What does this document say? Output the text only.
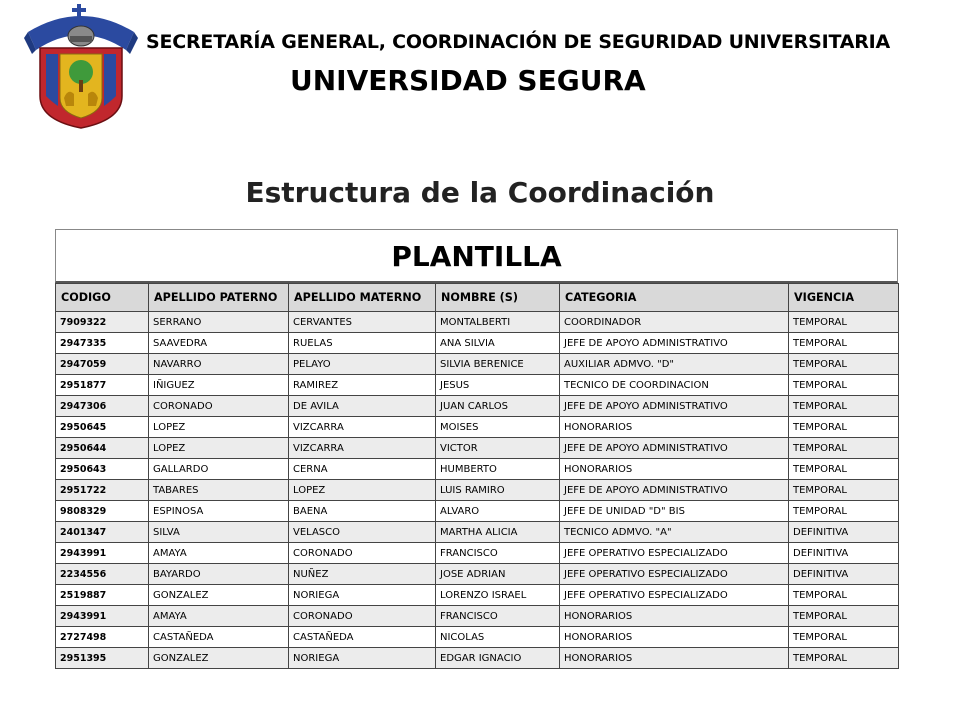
SECRETARÍA GENERAL, COORDINACIÓN DE SEGURIDAD UNIVERSITARIA
UNIVERSIDAD SEGURA
Estructura de la Coordinación
PLANTILLA
CODIGO	APELLIDO PATERNO	APELLIDO MATERNO	NOMBRE (S)	CATEGORIA	VIGENCIA
7909322	SERRANO	CERVANTES	MONTALBERTI	COORDINADOR	TEMPORAL
2947335	SAAVEDRA	RUELAS	ANA SILVIA	JEFE DE APOYO ADMINISTRATIVO	TEMPORAL
2947059	NAVARRO	PELAYO	SILVIA BERENICE	AUXILIAR ADMVO. "D"	TEMPORAL
2951877	IÑIGUEZ	RAMIREZ	JESUS	TECNICO DE COORDINACION	TEMPORAL
2947306	CORONADO	DE AVILA	JUAN CARLOS	JEFE DE APOYO ADMINISTRATIVO	TEMPORAL
2950645	LOPEZ	VIZCARRA	MOISES	HONORARIOS	TEMPORAL
2950644	LOPEZ	VIZCARRA	VICTOR	JEFE DE APOYO ADMINISTRATIVO	TEMPORAL
2950643	GALLARDO	CERNA	HUMBERTO	HONORARIOS	TEMPORAL
2951722	TABARES	LOPEZ	LUIS RAMIRO	JEFE DE APOYO ADMINISTRATIVO	TEMPORAL
9808329	ESPINOSA	BAENA	ALVARO	JEFE DE UNIDAD "D" BIS	TEMPORAL
2401347	SILVA	VELASCO	MARTHA ALICIA	TECNICO ADMVO. "A"	DEFINITIVA
2943991	AMAYA	CORONADO	FRANCISCO	JEFE OPERATIVO ESPECIALIZADO	DEFINITIVA
2234556	BAYARDO	NUÑEZ	JOSE ADRIAN	JEFE OPERATIVO ESPECIALIZADO	DEFINITIVA
2519887	GONZALEZ	NORIEGA	LORENZO ISRAEL	JEFE OPERATIVO ESPECIALIZADO	TEMPORAL
2943991	AMAYA	CORONADO	FRANCISCO	HONORARIOS	TEMPORAL
2727498	CASTAÑEDA	CASTAÑEDA	NICOLAS	HONORARIOS	TEMPORAL
2951395	GONZALEZ	NORIEGA	EDGAR IGNACIO	HONORARIOS	TEMPORAL
